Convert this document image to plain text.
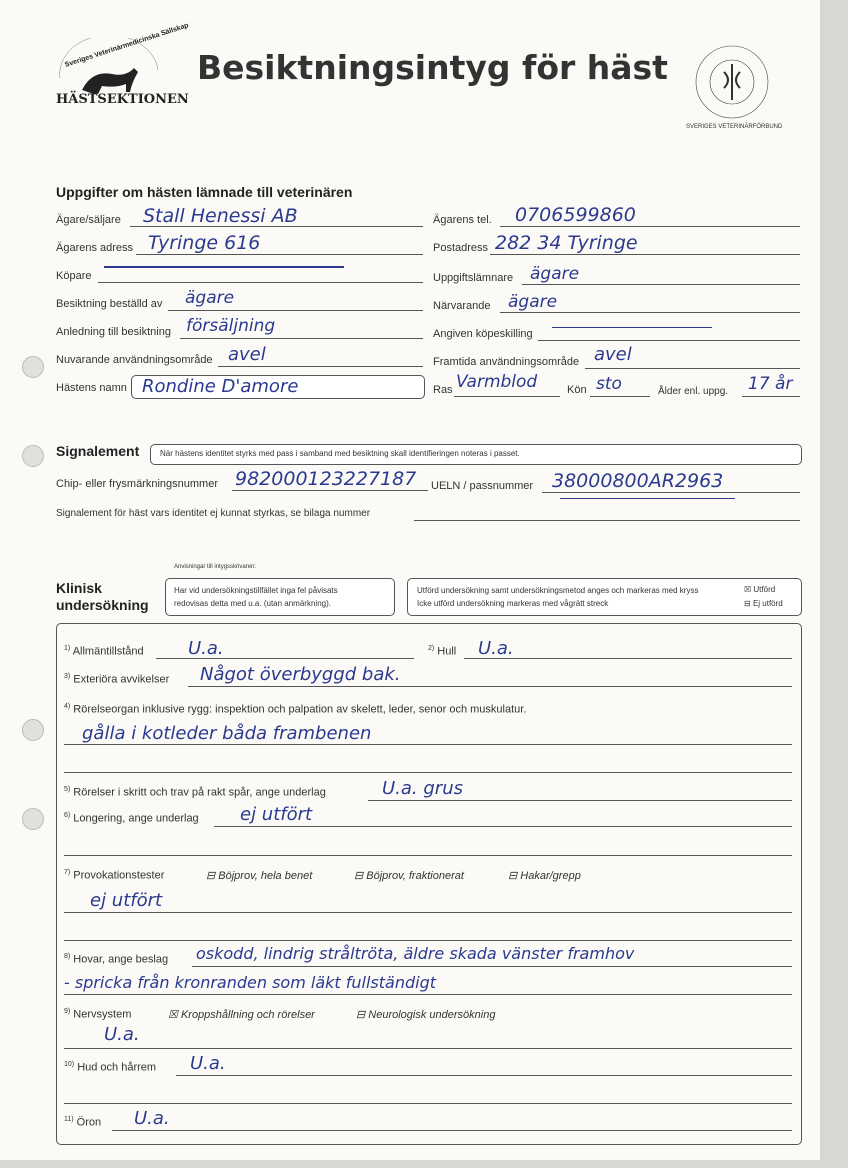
Sveriges Veterinärmedicinska Sällskap
HÄSTSEKTIONEN
Besiktningsintyg för häst
SVERIGES VETERINÄRFÖRBUND
Uppgifter om hästen lämnade till veterinären
Ägare/säljare Stall Henessi AB	Ägarens tel. 0706599860
Ägarens adress Tyringe 616	Postadress 282 34 Tyringe
Köpare	Uppgiftslämnare ägare
Besiktning beställd av ägare	Närvarande ägare
Anledning till besiktning försäljning	Angiven köpeskilling
Nuvarande användningsområde avel	Framtida användningsområde avel
Hästens namn Rondine D'amore	Ras Varmblod	Kön sto	Ålder enl. uppg. 17 år
Signalement	När hästens identitet styrks med pass i samband med besiktning skall identifieringen noteras i passet.
Chip- eller frysmärkningsnummer 982000123227187 UELN / passnummer 38000800AR2963
Signalement för häst vars identitet ej kunnat styrkas, se bilaga nummer
Anvisningar till intygsskrivaren:
Klinisk
undersökning
Har vid undersökningstillfället inga fel påvisats
redovisas detta med u.a. (utan anmärkning).
Utförd undersökning samt undersökningsmetod anges och markeras med kryss
Icke utförd undersökning markeras med vågrätt streck
☒ Utförd
⊟ Ej utförd
$^{1)}$ Allmäntillstånd U.a.	$^{2)}$ Hull U.a.
$^{3)}$ Exteriöra avvikelser Något överbyggd bak.
$^{4)}$ Rörelseorgan inklusive rygg: inspektion och palpation av skelett, leder, senor och muskulatur.
gålla i kotleder båda frambenen
$^{5)}$ Rörelser i skritt och trav på rakt spår, ange underlag	U.a. grus
$^{6)}$ Longering, ange underlag ej utfört
$^{7)}$ Provokationstester	⊟ Böjprov, hela benet	⊟ Böjprov, fraktionerat	⊟ Hakar/grepp
ej utfört
$^{8)}$ Hovar, ange beslag oskodd, lindrig stråltröta, äldre skada vänster framhov
- spricka från kronranden som läkt fullständigt
$^{9)}$ Nervsystem	☒ Kroppshållning och rörelser	⊟ Neurologisk undersökning
U.a.
$^{10)}$ Hud och hårrem U.a.
$^{11)}$ Öron U.a.
